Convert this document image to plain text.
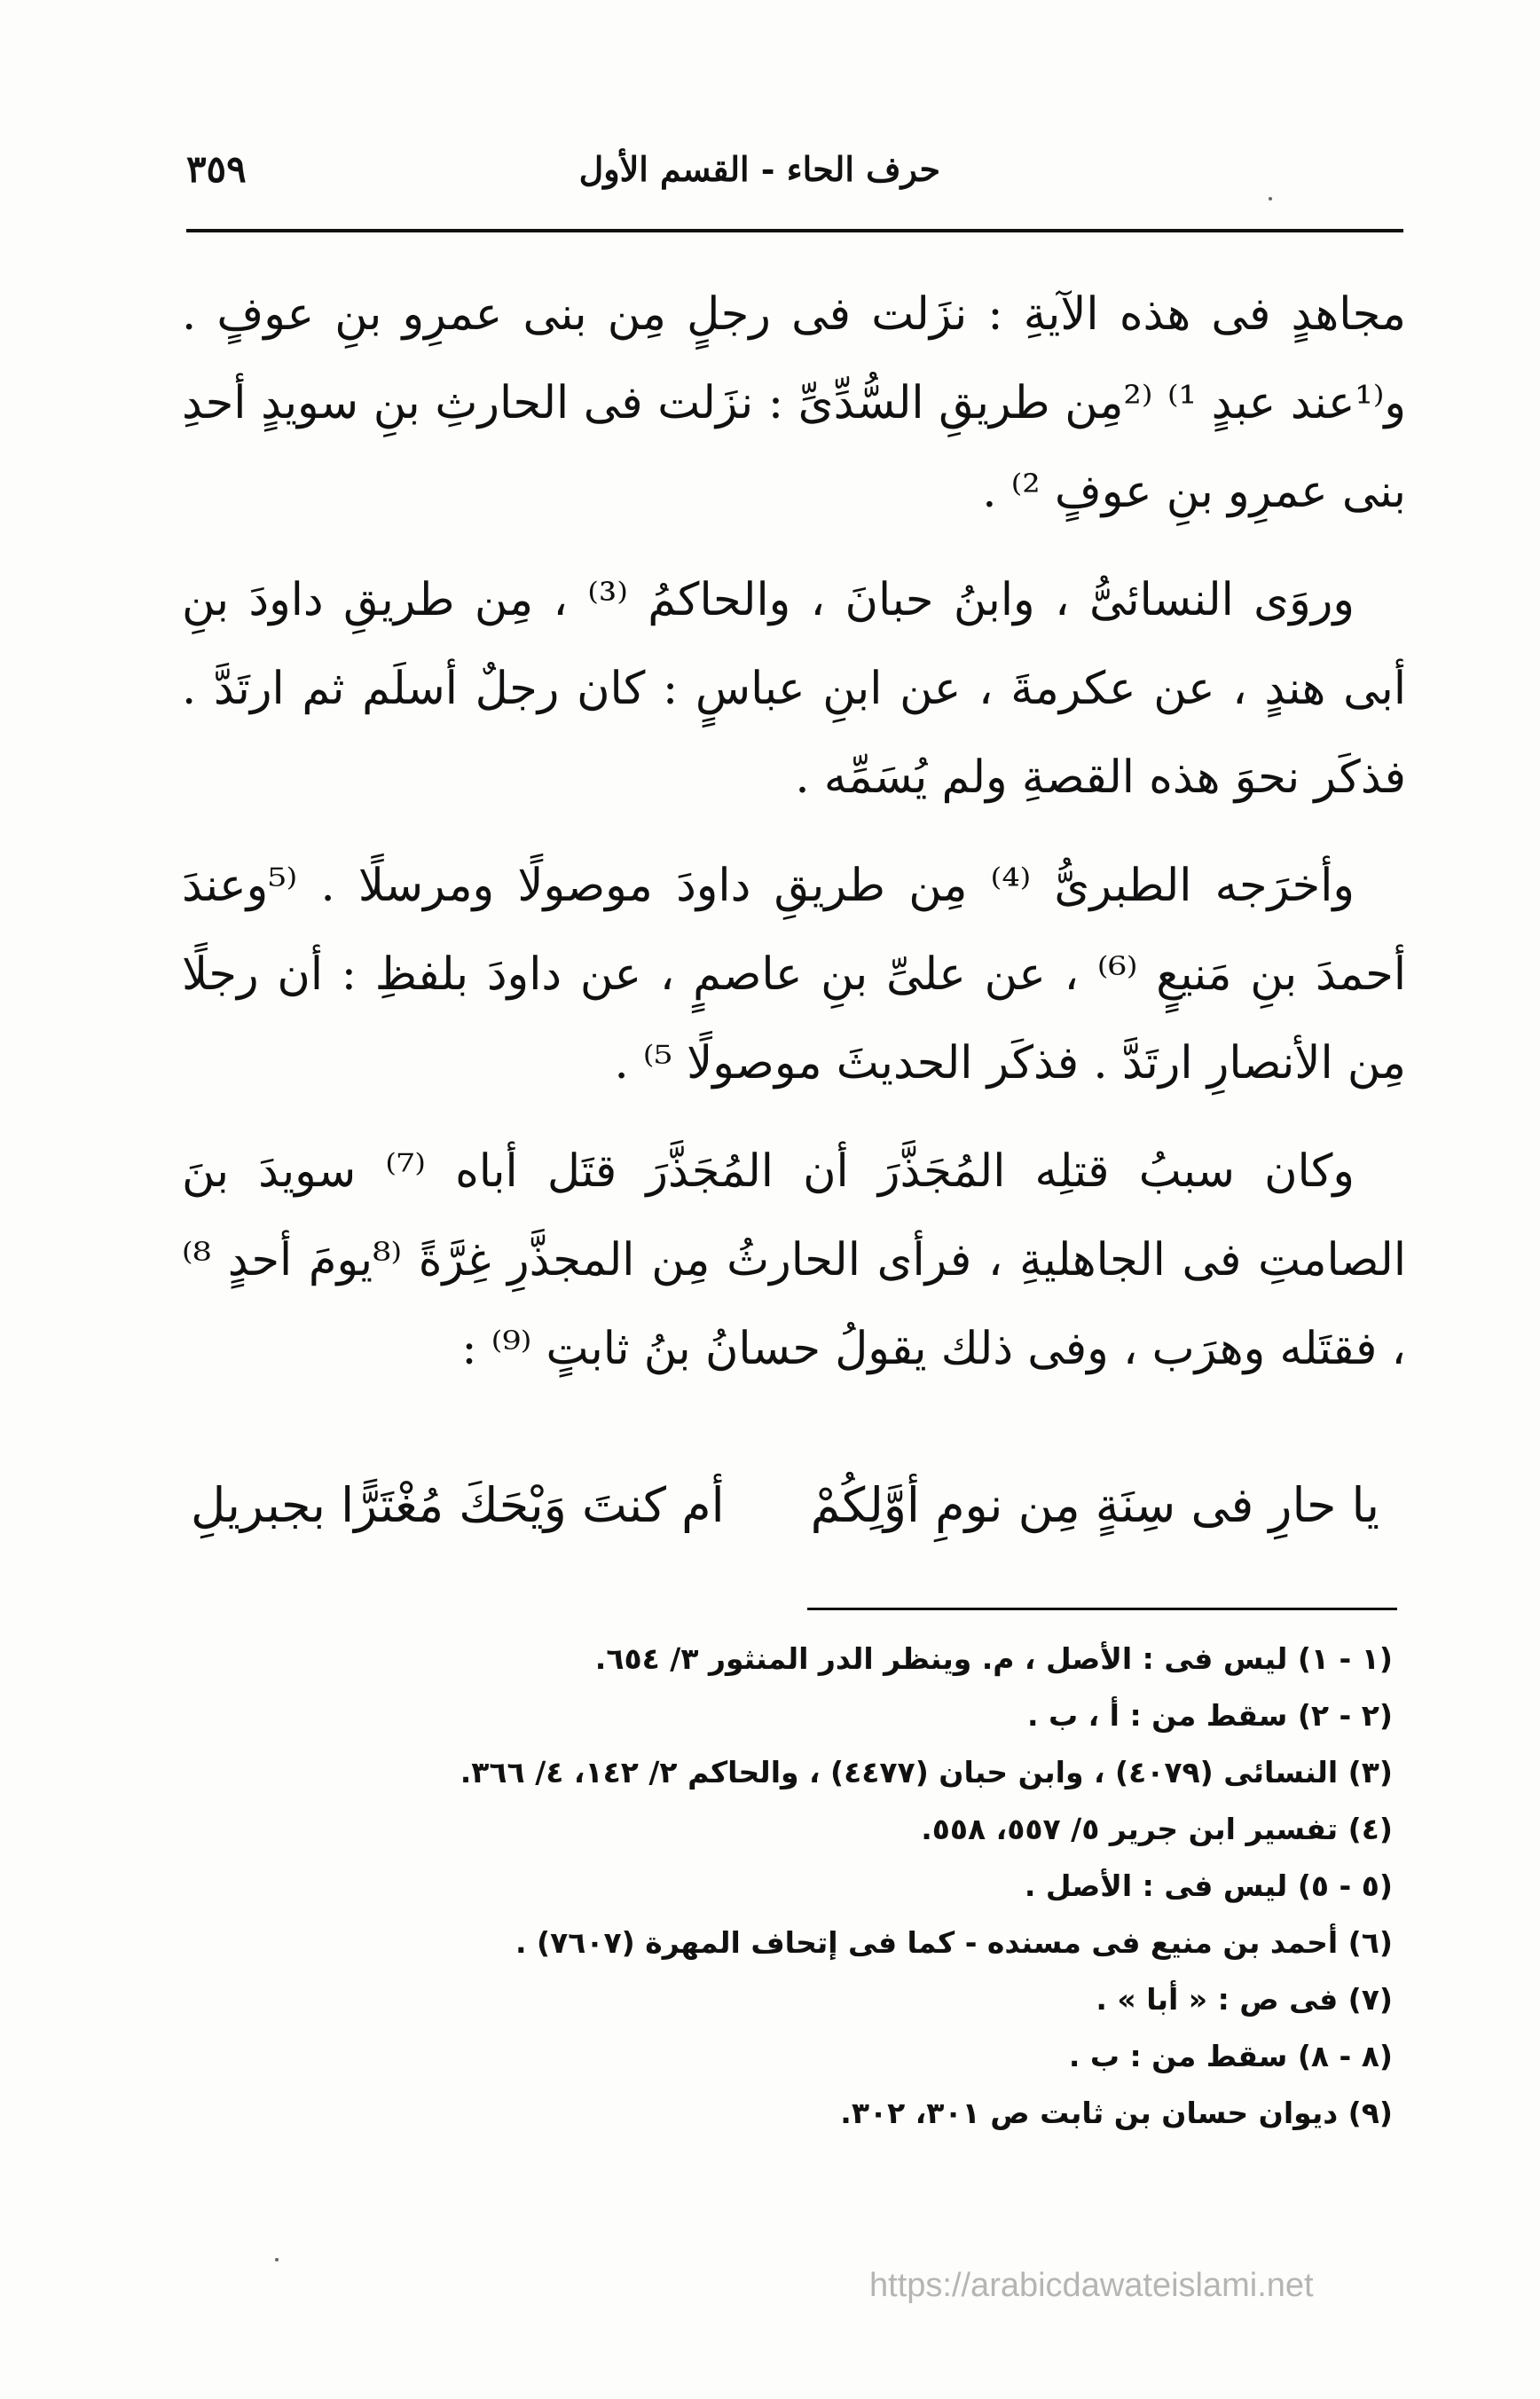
٣٥٩	حرف الحاء - القسم الأول

مجاهدٍ فى هذه الآيةِ : نزَلت فى رجلٍ مِن بنى عمرِو بنِ عوفٍ . و⁽¹عند عبدٍ ¹⁾ ⁽²مِن طريقِ السُّدِّىِّ : نزَلت فى الحارثِ بنِ سويدٍ أحدِ بنى عمرِو بنِ عوفٍ ²⁾ .

وروَى النسائىُّ ، وابنُ حبانَ ، والحاكمُ ⁽³⁾ ، مِن طريقِ داودَ بنِ أبى هندٍ ، عن عكرمةَ ، عن ابنِ عباسٍ : كان رجلٌ أسلَم ثم ارتَدَّ . فذكَر نحوَ هذه القصةِ ولم يُسَمِّه .

وأخرَجه الطبرىُّ ⁽⁴⁾ مِن طريقِ داودَ موصولًا ومرسلًا . ⁽⁵وعندَ أحمدَ بنِ مَنيعٍ ⁽⁶⁾ ، عن علىِّ بنِ عاصمٍ ، عن داودَ بلفظِ : أن رجلًا مِن الأنصارِ ارتَدَّ . فذكَر الحديثَ موصولًا ⁵⁾ .

وكان سببُ قتلِه المُجَذَّرَ أن المُجَذَّرَ قتَل أباه ⁽⁷⁾ سويدَ بنَ الصامتِ فى الجاهليةِ ، فرأى الحارثُ مِن المجذَّرِ غِرَّةً ⁽⁸يومَ أحدٍ ⁸⁾ ، فقتَله وهرَب ، وفى ذلك يقولُ حسانُ بنُ ثابتٍ ⁽⁹⁾ :

يا حارِ فى سِنَةٍ مِن نومِ أوَّلِكُمْ
أم كنتَ وَيْحَكَ مُغْتَرًّا بجبريلِ
(١ - ١) ليس فى : الأصل ، م. وينظر الدر المنثور ٣/ ٦٥٤.
(٢ - ٢) سقط من : أ ، ب .
(٣) النسائى (٤٠٧٩) ، وابن حبان (٤٤٧٧) ، والحاكم ٢/ ١٤٢، ٤/ ٣٦٦.
(٤) تفسير ابن جرير ٥/ ٥٥٧، ٥٥٨.
(٥ - ٥) ليس فى : الأصل .
(٦) أحمد بن منيع فى مسنده - كما فى إتحاف المهرة (٧٦٠٧) .
(٧) فى ص : « أبا » .
(٨ - ٨) سقط من : ب .
(٩) ديوان حسان بن ثابت ص ٣٠١، ٣٠٢.
https://arabicdawateislami.net
